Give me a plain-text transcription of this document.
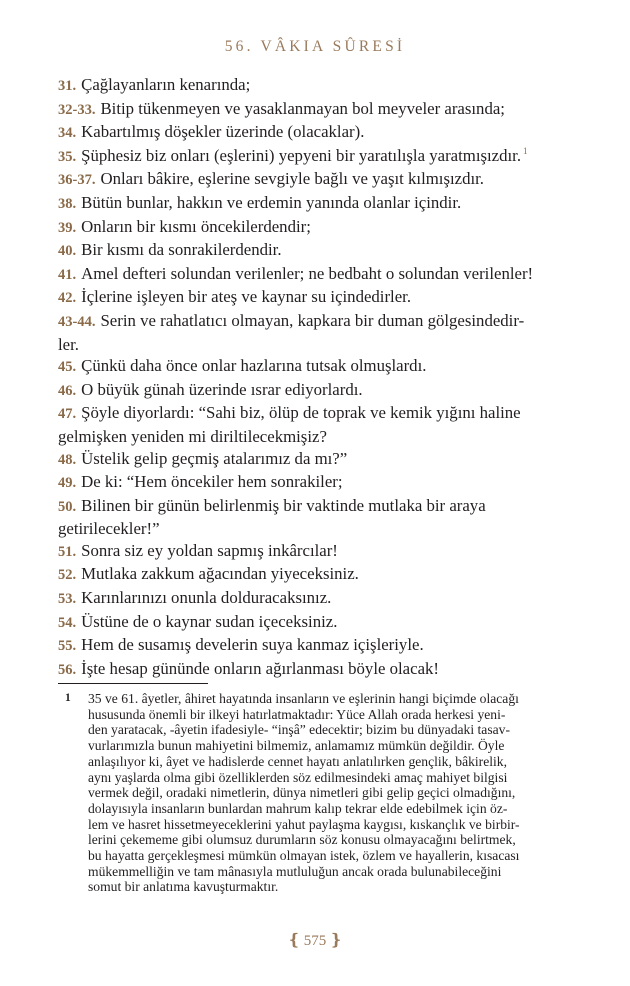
56. VÂKIA SÛRESİ

31. Çağlayanların kenarında;

32-33. Bitip tükenmeyen ve yasaklanmayan bol meyveler arasında;

34. Kabartılmış döşekler üzerinde (olacaklar).

35. Şüphesiz biz onları (eşlerini) yepyeni bir yaratılışla yaratmışızdır. $^1$

36-37. Onları bâkire, eşlerine sevgiyle bağlı ve yaşıt kılmışızdır.

38. Bütün bunlar, hakkın ve erdemin yanında olanlar içindir.

39. Onların bir kısmı öncekilerdendir;

40. Bir kısmı da sonrakilerdendir.

41. Amel defteri solundan verilenler; ne bedbaht o solundan verilenler!

42. İçlerine işleyen bir ateş ve kaynar su içindedirler.

43-44. Serin ve rahatlatıcı olmayan, kapkara bir duman gölgesindedir-
ler.

45. Çünkü daha önce onlar hazlarına tutsak olmuşlardı.

46. O büyük günah üzerinde ısrar ediyorlardı.

47. Şöyle diyorlardı: “Sahi biz, ölüp de toprak ve kemik yığını haline
gelmişken yeniden mi diriltilecekmişiz?

48. Üstelik gelip geçmiş atalarımız da mı?”

49. De ki: “Hem öncekiler hem sonrakiler;

50. Bilinen bir günün belirlenmiş bir vaktinde mutlaka bir araya
getirilecekler!”

51. Sonra siz ey yoldan sapmış inkârcılar!

52. Mutlaka zakkum ağacından yiyeceksiniz.

53. Karınlarınızı onunla dolduracaksınız.

54. Üstüne de o kaynar sudan içeceksiniz.

55. Hem de susamış develerin suya kanmaz içişleriyle.

56. İşte hesap gününde onların ağırlanması böyle olacak!

1 35 ve 61. âyetler, âhiret hayatında insanların ve eşlerinin hangi biçimde olacağı
hususunda önemli bir ilkeyi hatırlatmaktadır: Yüce Allah orada herkesi yeni-
den yaratacak, -âyetin ifadesiyle- “inşâ” edecektir; bizim bu dünyadaki tasav-
vurlarımızla bunun mahiyetini bilmemiz, anlamamız mümkün değildir. Öyle
anlaşılıyor ki, âyet ve hadislerde cennet hayatı anlatılırken gençlik, bâkirelik,
aynı yaşlarda olma gibi özelliklerden söz edilmesindeki amaç mahiyet bilgisi
vermek değil, oradaki nimetlerin, dünya nimetleri gibi gelip geçici olmadığını,
dolayısıyla insanların bunlardan mahrum kalıp tekrar elde edebilmek için öz-
lem ve hasret hissetmeyeceklerini yahut paylaşma kaygısı, kıskançlık ve birbir-
lerini çekememe gibi olumsuz durumların söz konusu olmayacağını belirtmek,
bu hayatta gerçekleşmesi mümkün olmayan istek, özlem ve hayallerin, kısacası
mükemmelliğin ve tam mânasıyla mutluluğun ancak orada bulunabileceğini
somut bir anlatıma kavuşturmaktır.
❴ 575 ❵
